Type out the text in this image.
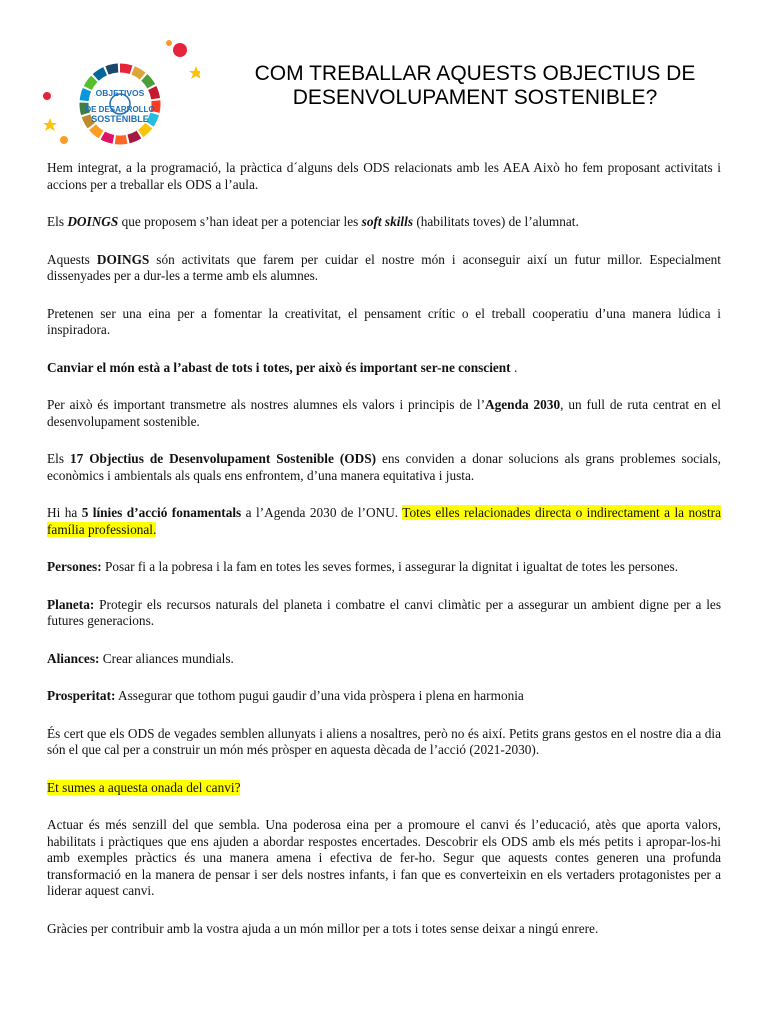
OBJETIVOS
DE DESARROLLO
SOSTENIBLE
COM TREBALLAR AQUESTS OBJECTIUS DE
DESENVOLUPAMENT SOSTENIBLE?

Hem integrat, a la programació, la pràctica d´alguns dels ODS relacionats amb les AEA Això ho fem proposant activitats i accions per a treballar els ODS a l’aula.

Els DOINGS que proposem s’han ideat per a potenciar les soft skills (habilitats toves) de l’alumnat.

Aquests DOINGS són activitats que farem per cuidar el nostre món i aconseguir així un futur millor. Especialment dissenyades per a dur-les a terme amb els alumnes.

Pretenen ser una eina per a fomentar la creativitat, el pensament crític o el treball cooperatiu d’una manera lúdica i inspiradora.

Canviar el món està a l’abast de tots i totes, per això és important ser-ne conscient .

Per això és important transmetre als nostres alumnes els valors i principis de l’Agenda 2030, un full de ruta centrat en el desenvolupament sostenible.

Els 17 Objectius de Desenvolupament Sostenible (ODS) ens conviden a donar solucions als grans problemes socials, econòmics i ambientals als quals ens enfrontem, d’una manera equitativa i justa.

Hi ha 5 línies d’acció fonamentals a l’Agenda 2030 de l’ONU. Totes elles relacionades directa o indirectament a la nostra família professional.

Persones: Posar fi a la pobresa i la fam en totes les seves formes, i assegurar la dignitat i igualtat de totes les persones.

Planeta: Protegir els recursos naturals del planeta i combatre el canvi climàtic per a assegurar un ambient digne per a les futures generacions.

Aliances: Crear aliances mundials.

Prosperitat: Assegurar que tothom pugui gaudir d’una vida pròspera i plena en harmonia

És cert que els ODS de vegades semblen allunyats i aliens a nosaltres, però no és així. Petits grans gestos en el nostre dia a dia són el que cal per a construir un món més pròsper en aquesta dècada de l’acció (2021-2030).

Et sumes a aquesta onada del canvi?

Actuar és més senzill del que sembla. Una poderosa eina per a promoure el canvi és l’educació, atès que aporta valors, habilitats i pràctiques que ens ajuden a abordar respostes encertades. Descobrir els ODS amb els més petits i apropar-los-hi amb exemples pràctics és una manera amena i efectiva de fer-ho. Segur que aquests contes generen una profunda transformació en la manera de pensar i ser dels nostres infants, i fan que es converteixin en els vertaders protagonistes per a liderar aquest canvi.

Gràcies per contribuir amb la vostra ajuda a un món millor per a tots i totes sense deixar a ningú enrere.
